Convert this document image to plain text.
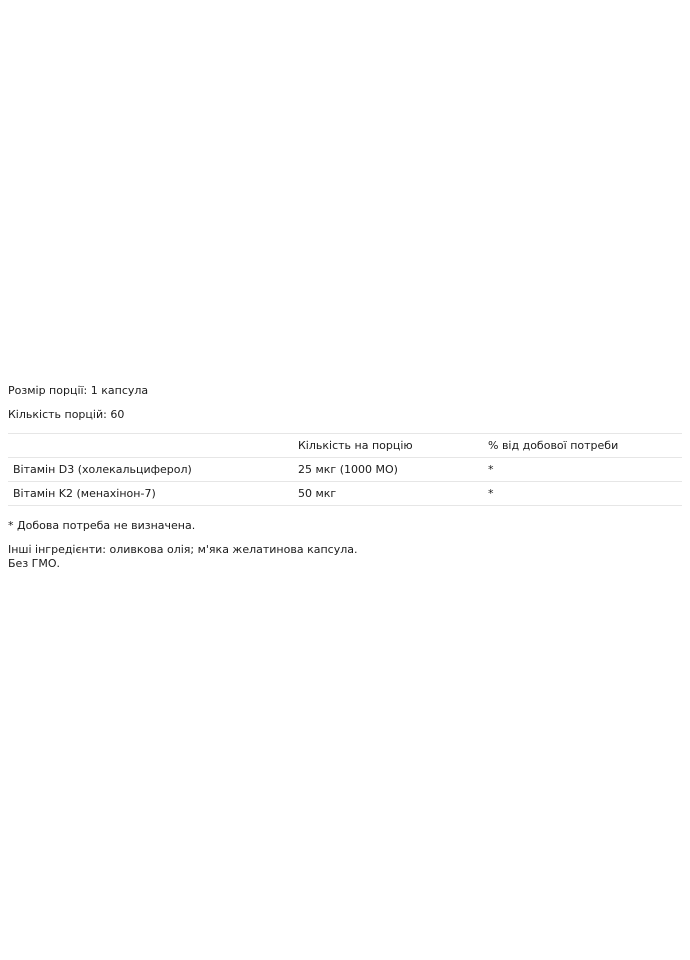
Розмір порції: 1 капсула
Кількість порцій: 60
	Кількість на порцію	% від добової потреби
Вітамін D3 (холекальциферол)	25 мкг (1000 МО)	*
Вітамін K2 (менахінон-7)	50 мкг	*
* Добова потреба не визначена.
Інші інгредієнти: оливкова олія; м'яка желатинова капсула.
Без ГМО.
